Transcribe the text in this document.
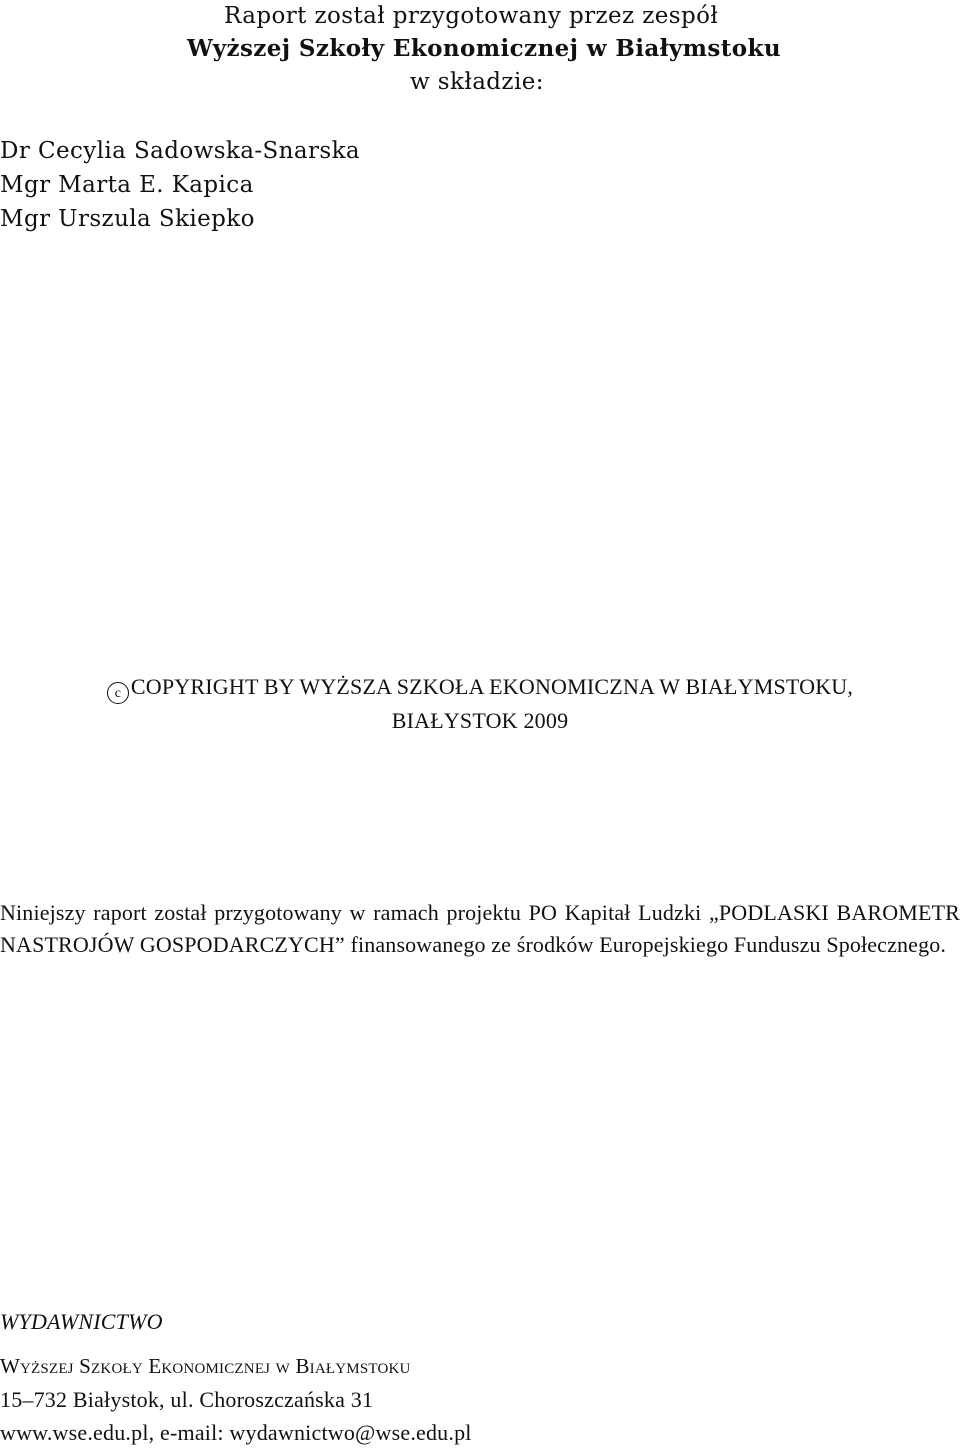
Raport został przygotowany przez zespół
Wyższej Szkoły Ekonomicznej w Białymstoku
w składzie:
Dr Cecylia Sadowska-Snarska
Mgr Marta E. Kapica
Mgr Urszula Skiepko
c COPYRIGHT BY WYŻSZA SZKOŁA EKONOMICZNA W BIAŁYMSTOKU,
BIAŁYSTOK 2009

Niniejszy raport został przygotowany w ramach projektu PO Kapitał Ludzki „PODLASKI BAROMETR NASTROJÓW GOSPODARCZYCH” finansowanego ze środków Europejskiego Funduszu Społecznego.

WYDAWNICTWO
Wyższej Szkoły Ekonomicznej w Białymstoku
15–732 Białystok, ul. Choroszczańska 31
www.wse.edu.pl, e-mail: wydawnictwo@wse.edu.pl
